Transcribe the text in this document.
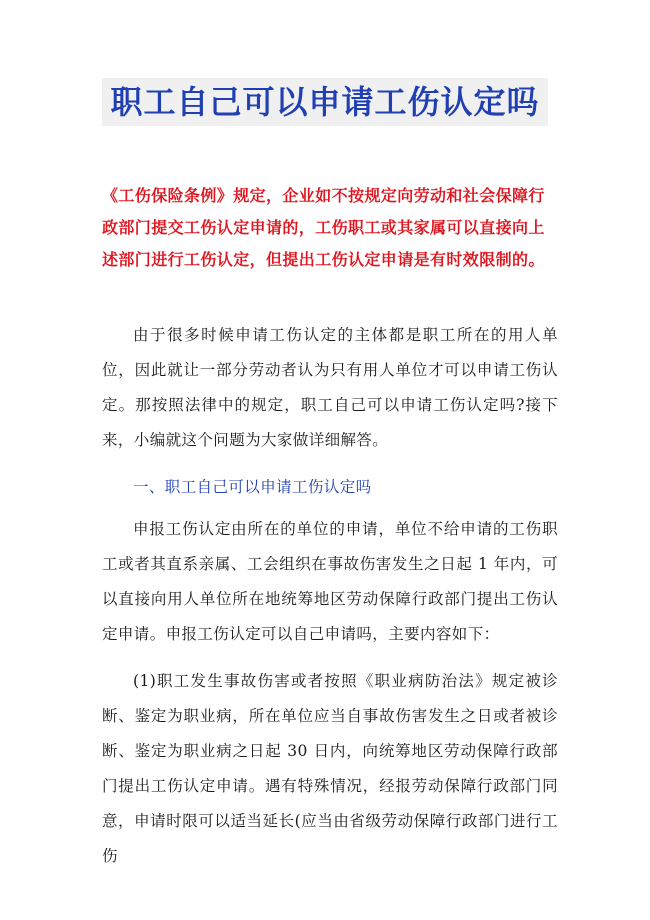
职工自己可以申请工伤认定吗

《工伤保险条例》规定，企业如不按规定向劳动和社会保障行政部门提交工伤认定申请的，工伤职工或其家属可以直接向上述部门进行工伤认定，但提出工伤认定申请是有时效限制的。

由于很多时候申请工伤认定的主体都是职工所在的用人单位，因此就让一部分劳动者认为只有用人单位才可以申请工伤认定。那按照法律中的规定，职工自己可以申请工伤认定吗?接下来，小编就这个问题为大家做详细解答。

一、职工自己可以申请工伤认定吗

申报工伤认定由所在的单位的申请，单位不给申请的工伤职工或者其直系亲属、工会组织在事故伤害发生之日起 1 年内，可以直接向用人单位所在地统筹地区劳动保障行政部门提出工伤认定申请。申报工伤认定可以自己申请吗，主要内容如下：

(1)职工发生事故伤害或者按照《职业病防治法》规定被诊断、鉴定为职业病，所在单位应当自事故伤害发生之日或者被诊断、鉴定为职业病之日起 30 日内，向统筹地区劳动保障行政部门提出工伤认定申请。遇有特殊情况，经报劳动保障行政部门同意，申请时限可以适当延长(应当由省级劳动保障行政部门进行工伤
